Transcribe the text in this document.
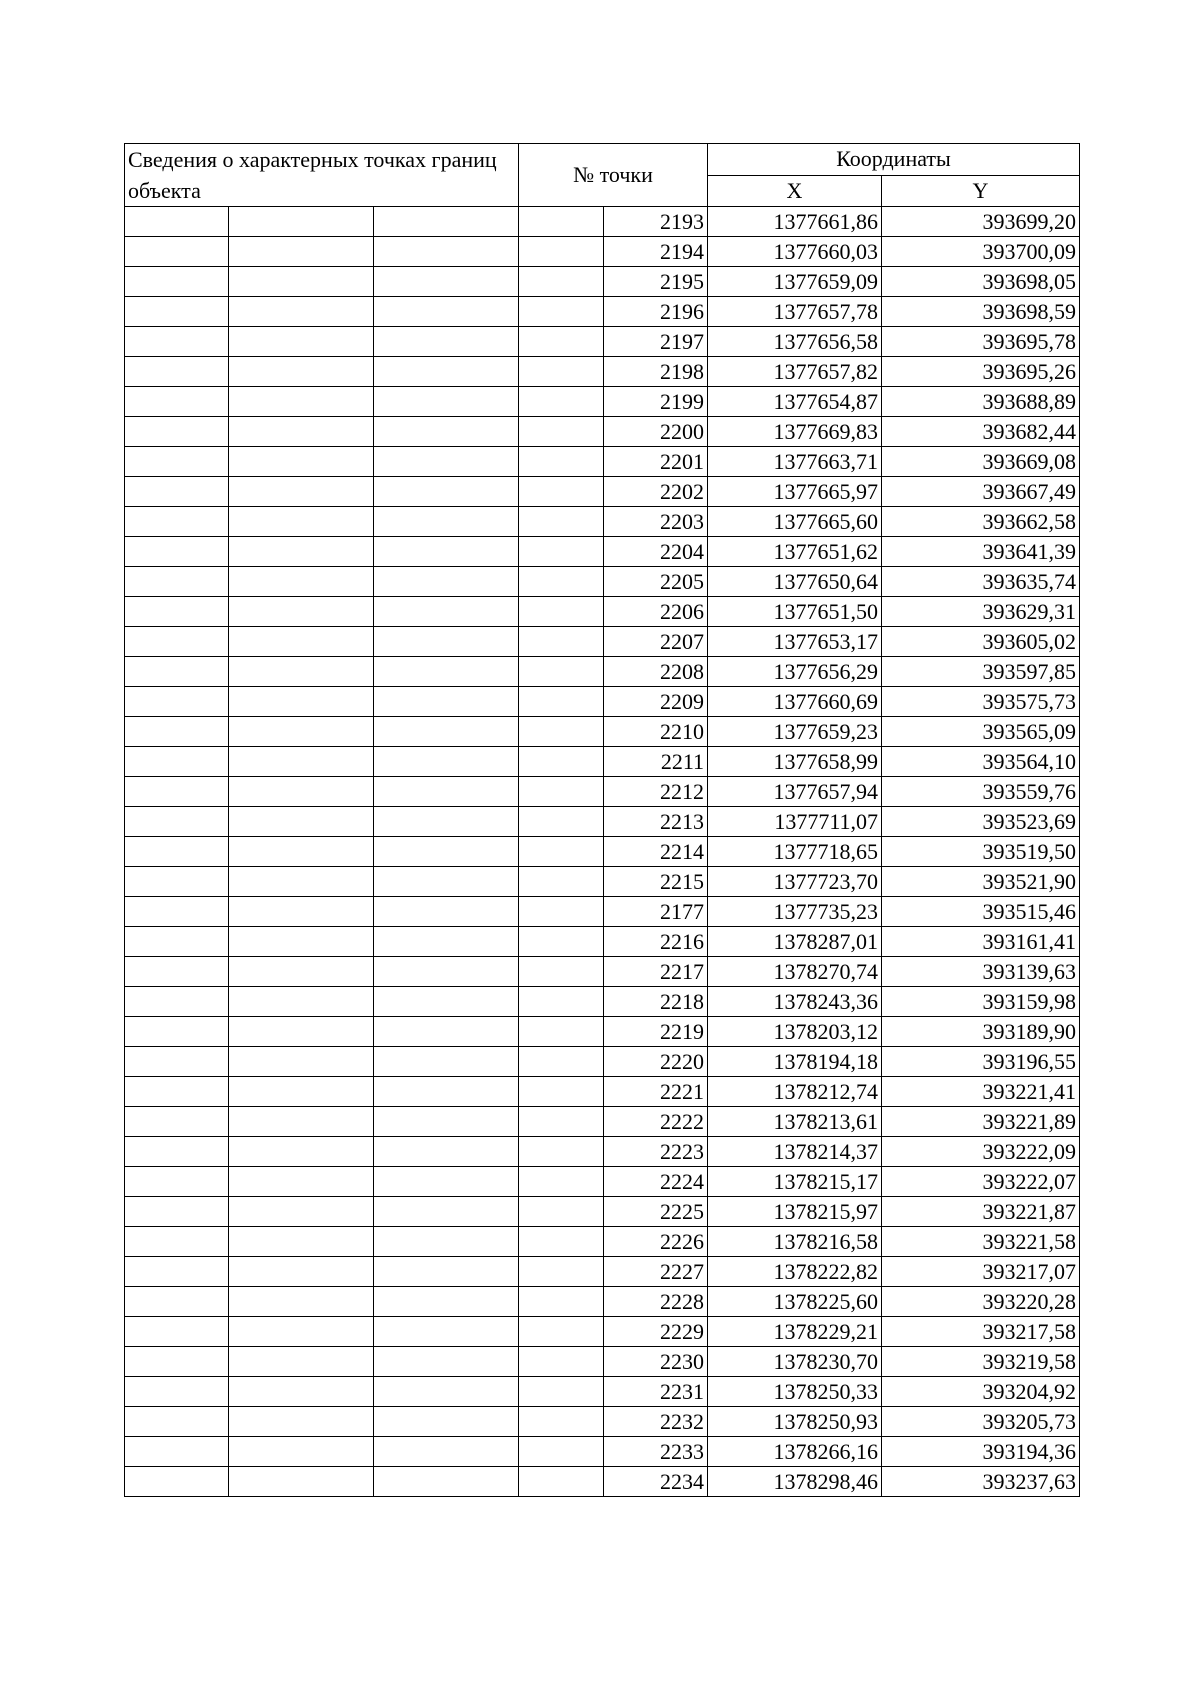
Сведения о характерных точках границ объекта			№ точки		Координаты	
					X	Y
				2193	1377661,86	393699,20
				2194	1377660,03	393700,09
				2195	1377659,09	393698,05
				2196	1377657,78	393698,59
				2197	1377656,58	393695,78
				2198	1377657,82	393695,26
				2199	1377654,87	393688,89
				2200	1377669,83	393682,44
				2201	1377663,71	393669,08
				2202	1377665,97	393667,49
				2203	1377665,60	393662,58
				2204	1377651,62	393641,39
				2205	1377650,64	393635,74
				2206	1377651,50	393629,31
				2207	1377653,17	393605,02
				2208	1377656,29	393597,85
				2209	1377660,69	393575,73
				2210	1377659,23	393565,09
				2211	1377658,99	393564,10
				2212	1377657,94	393559,76
				2213	1377711,07	393523,69
				2214	1377718,65	393519,50
				2215	1377723,70	393521,90
				2177	1377735,23	393515,46
				2216	1378287,01	393161,41
				2217	1378270,74	393139,63
				2218	1378243,36	393159,98
				2219	1378203,12	393189,90
				2220	1378194,18	393196,55
				2221	1378212,74	393221,41
				2222	1378213,61	393221,89
				2223	1378214,37	393222,09
				2224	1378215,17	393222,07
				2225	1378215,97	393221,87
				2226	1378216,58	393221,58
				2227	1378222,82	393217,07
				2228	1378225,60	393220,28
				2229	1378229,21	393217,58
				2230	1378230,70	393219,58
				2231	1378250,33	393204,92
				2232	1378250,93	393205,73
				2233	1378266,16	393194,36
				2234	1378298,46	393237,63
